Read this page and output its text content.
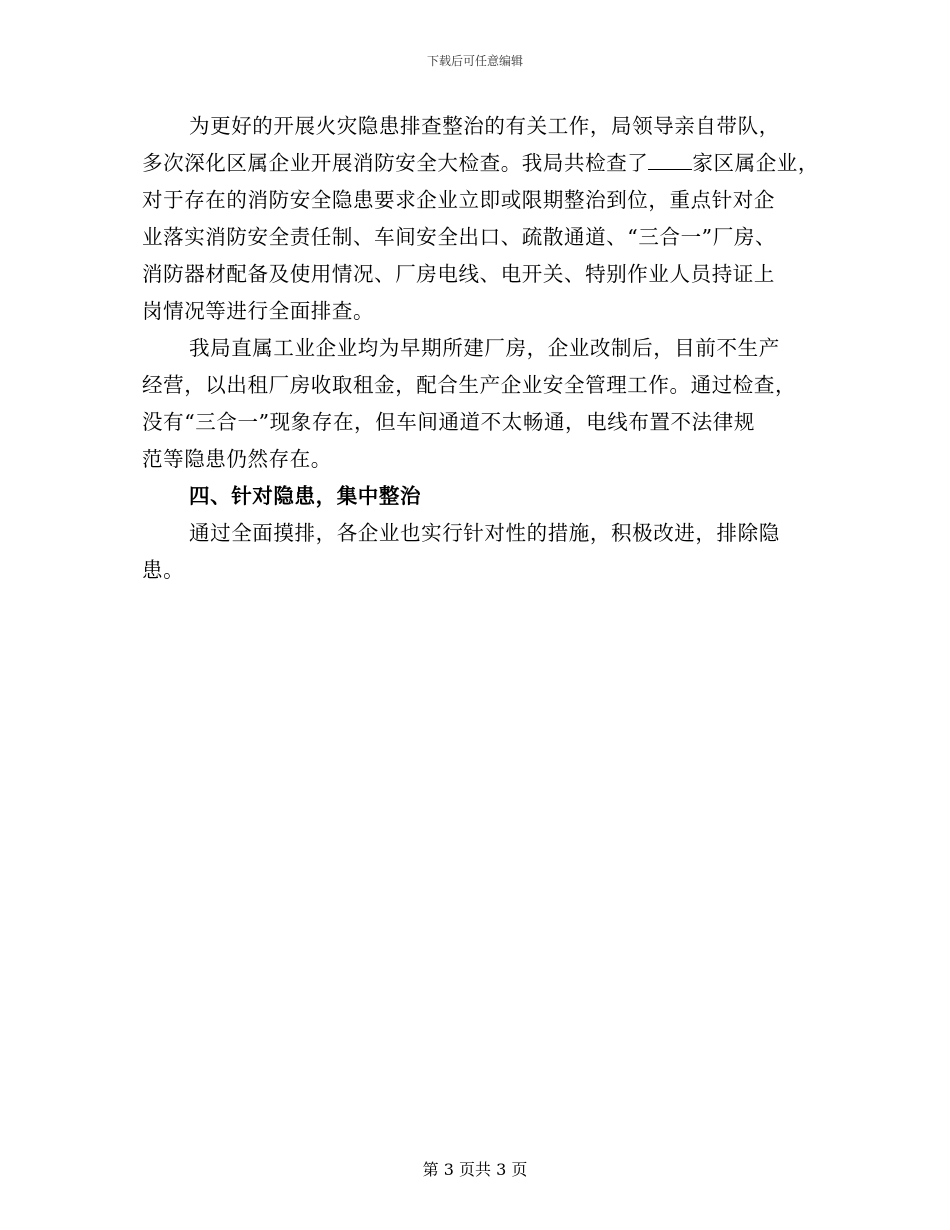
下载后可任意编辑
为更好的开展火灾隐患排查整治的有关工作，局领导亲自带队，
多次深化区属企业开展消防安全大检查。我局共检查了 家区属企业，
对于存在的消防安全隐患要求企业立即或限期整治到位，重点针对企
业落实消防安全责任制、车间安全出口、疏散通道、“三合一”厂房、
消防器材配备及使用情况、厂房电线、电开关、特别作业人员持证上
岗情况等进行全面排查。
我局直属工业企业均为早期所建厂房，企业改制后，目前不生产
经营，以出租厂房收取租金，配合生产企业安全管理工作。通过检查，
没有“三合一”现象存在，但车间通道不太畅通，电线布置不法律规
范等隐患仍然存在。
四、针对隐患，集中整治
通过全面摸排，各企业也实行针对性的措施，积极改进，排除隐
患。
第 3 页共 3 页
